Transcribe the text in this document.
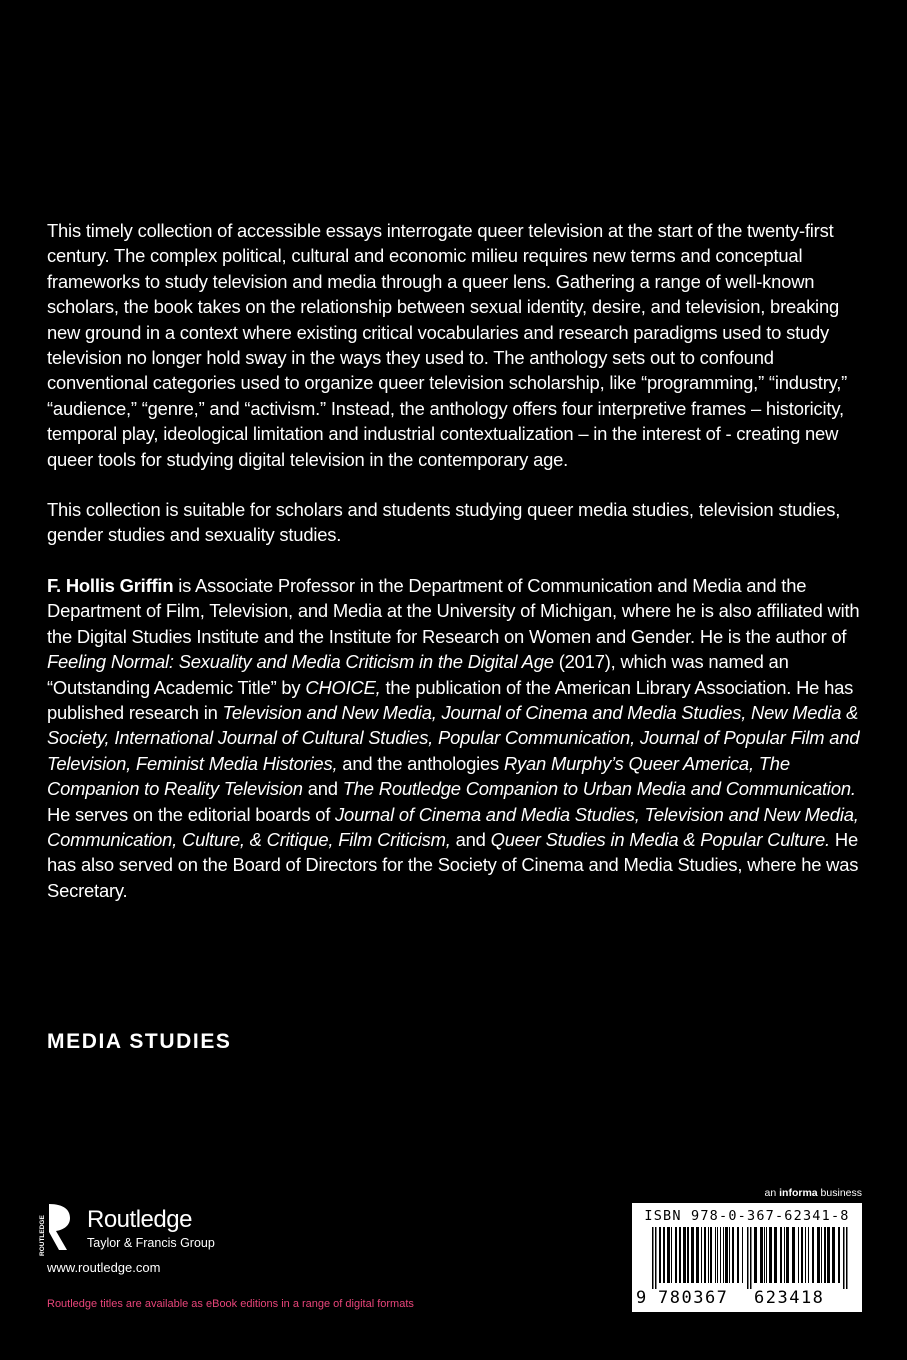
This timely collection of accessible essays interrogate queer television at the start of the twenty-first century. The complex political, cultural and economic milieu requires new terms and conceptual frameworks to study television and media through a queer lens. Gathering a range of well-known scholars, the book takes on the relationship between sexual identity, desire, and television, breaking new ground in a context where existing critical vocabularies and research paradigms used to study television no longer hold sway in the ways they used to. The anthology sets out to confound conventional categories used to organize queer television scholarship, like “programming,” “industry,” “audience,” “genre,” and “activism.” Instead, the anthology offers four interpretive frames – historicity, temporal play, ideological limitation and industrial contextualization – in the interest of - creating new queer tools for studying digital television in the contemporary age.

This collection is suitable for scholars and students studying queer media studies, television studies, gender studies and sexuality studies.

F. Hollis Griffin is Associate Professor in the Department of Communication and Media and the Department of Film, Television, and Media at the University of Michigan, where he is also affiliated with the Digital Studies Institute and the Institute for Research on Women and Gender. He is the author of Feeling Normal: Sexuality and Media Criticism in the Digital Age (2017), which was named an “Outstanding Academic Title” by CHOICE, the publication of the American Library Association. He has published research in Television and New Media, Journal of Cinema and Media Studies, New Media & Society, International Journal of Cultural Studies, Popular Communication, Journal of Popular Film and Television, Feminist Media Histories, and the anthologies Ryan Murphy’s Queer America, The Companion to Reality Television and The Routledge Companion to Urban Media and Communication. He serves on the editorial boards of Journal of Cinema and Media Studies, Television and New Media, Communication, Culture, & Critique, Film Criticism, and Queer Studies in Media & Popular Culture. He has also served on the Board of Directors for the Society of Cinema and Media Studies, where he was Secretary.

MEDIA STUDIES
ROUTLEDGE Routledge
Taylor & Francis Group
www.routledge.com
Routledge titles are available as eBook editions in a range of digital formats
an informa business
ISBN 978-0-367-62341-8
9 780367 623418
